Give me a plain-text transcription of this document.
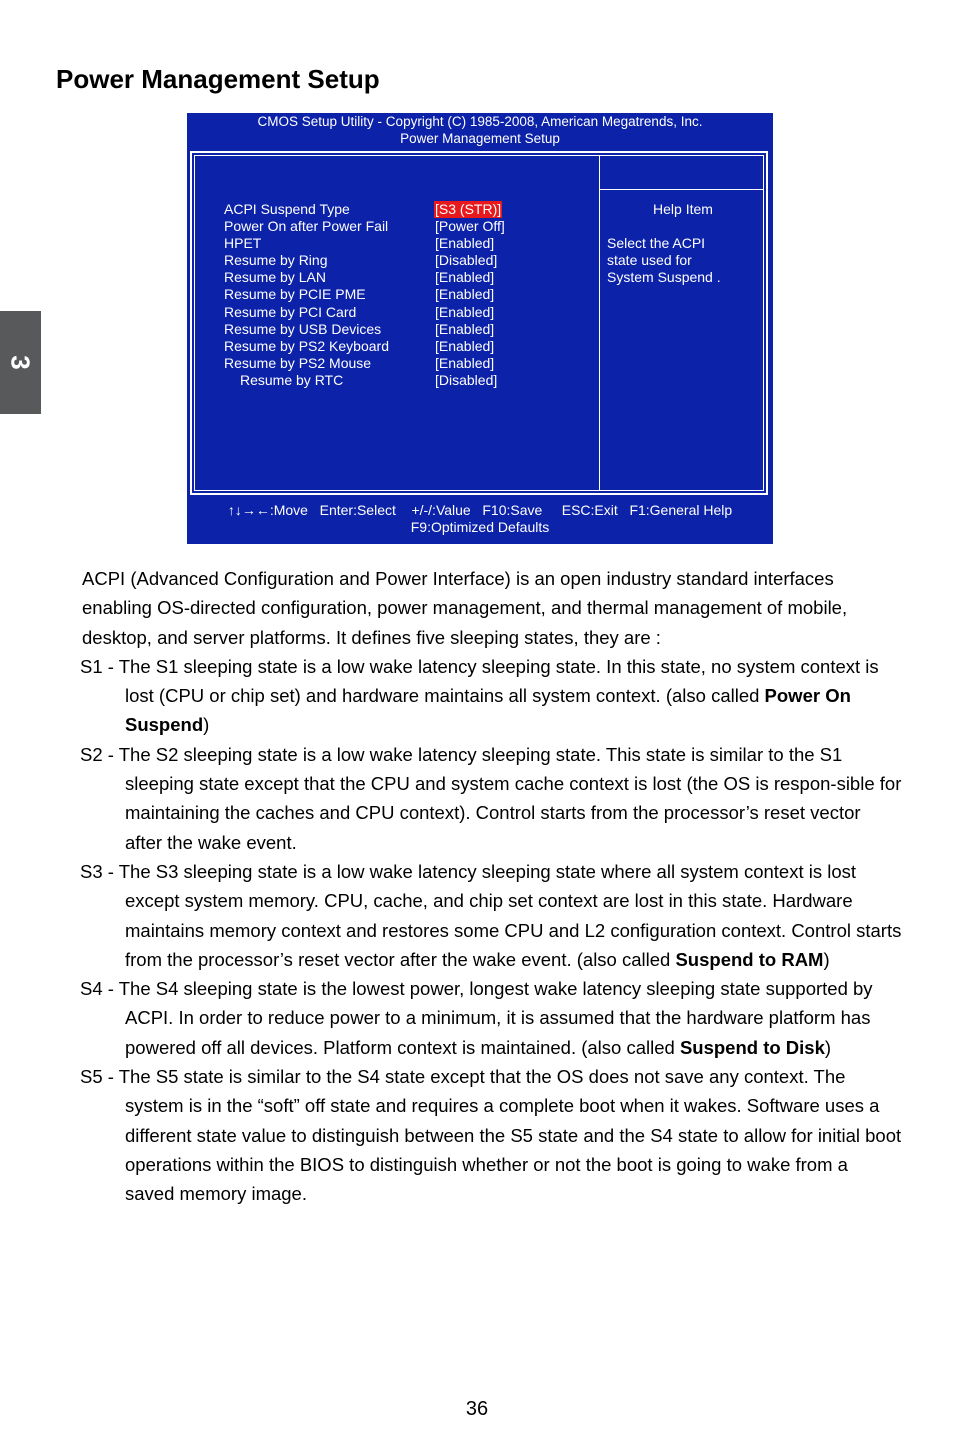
Power Management Setup
3
CMOS Setup Utility - Copyright (C) 1985-2008, American Megatrends, Inc.
Power Management Setup
ACPI Suspend Type	[S3 (STR)]
Power On after Power Fail	[Power Off]
HPET	[Enabled]
Resume by Ring	[Disabled]
Resume by LAN	[Enabled]
Resume by PCIE PME	[Enabled]
Resume by PCI Card	[Enabled]
Resume by USB Devices	[Enabled]
Resume by PS2 Keyboard	[Enabled]
Resume by PS2 Mouse	[Enabled]
Resume by RTC	[Disabled]
Help Item
Select the ACPI
state used for
System Suspend .
↑↓→←:Move   Enter:Select    +/-/:Value   F10:Save     ESC:Exit   F1:General Help
F9:Optimized Defaults

ACPI (Advanced Configuration and Power Interface) is an open industry standard interfaces enabling OS-directed configuration, power management, and thermal management of mobile, desktop, and server platforms. It defines five sleeping states, they are :

S1 - The S1 sleeping state is a low wake latency sleeping state. In this state, no system context is lost (CPU or chip set) and hardware maintains all system context. (also called Power On Suspend)

S2 - The S2 sleeping state is a low wake latency sleeping state. This state is similar to the S1 sleeping state except that the CPU and system cache context is lost (the OS is respon-sible for maintaining the caches and CPU context). Control starts from the processor’s reset vector after the wake event.

S3 - The S3 sleeping state is a low wake latency sleeping state where all system context is lost except system memory. CPU, cache, and chip set context are lost in this state. Hardware maintains memory context and restores some CPU and L2 configuration context. Control starts from the processor’s reset vector after the wake event. (also called Suspend to RAM)

S4 - The S4 sleeping state is the lowest power, longest wake latency sleeping state supported by ACPI. In order to reduce power to a minimum, it is assumed that the hardware platform has powered off all devices. Platform context is maintained. (also called Suspend to Disk)

S5 - The S5 state is similar to the S4 state except that the OS does not save any context. The system is in the “soft” off state and requires a complete boot when it wakes. Software uses a different state value to distinguish between the S5 state and the S4 state to allow for initial boot operations within the BIOS to distinguish whether or not the boot is going to wake from a saved memory image.

36
